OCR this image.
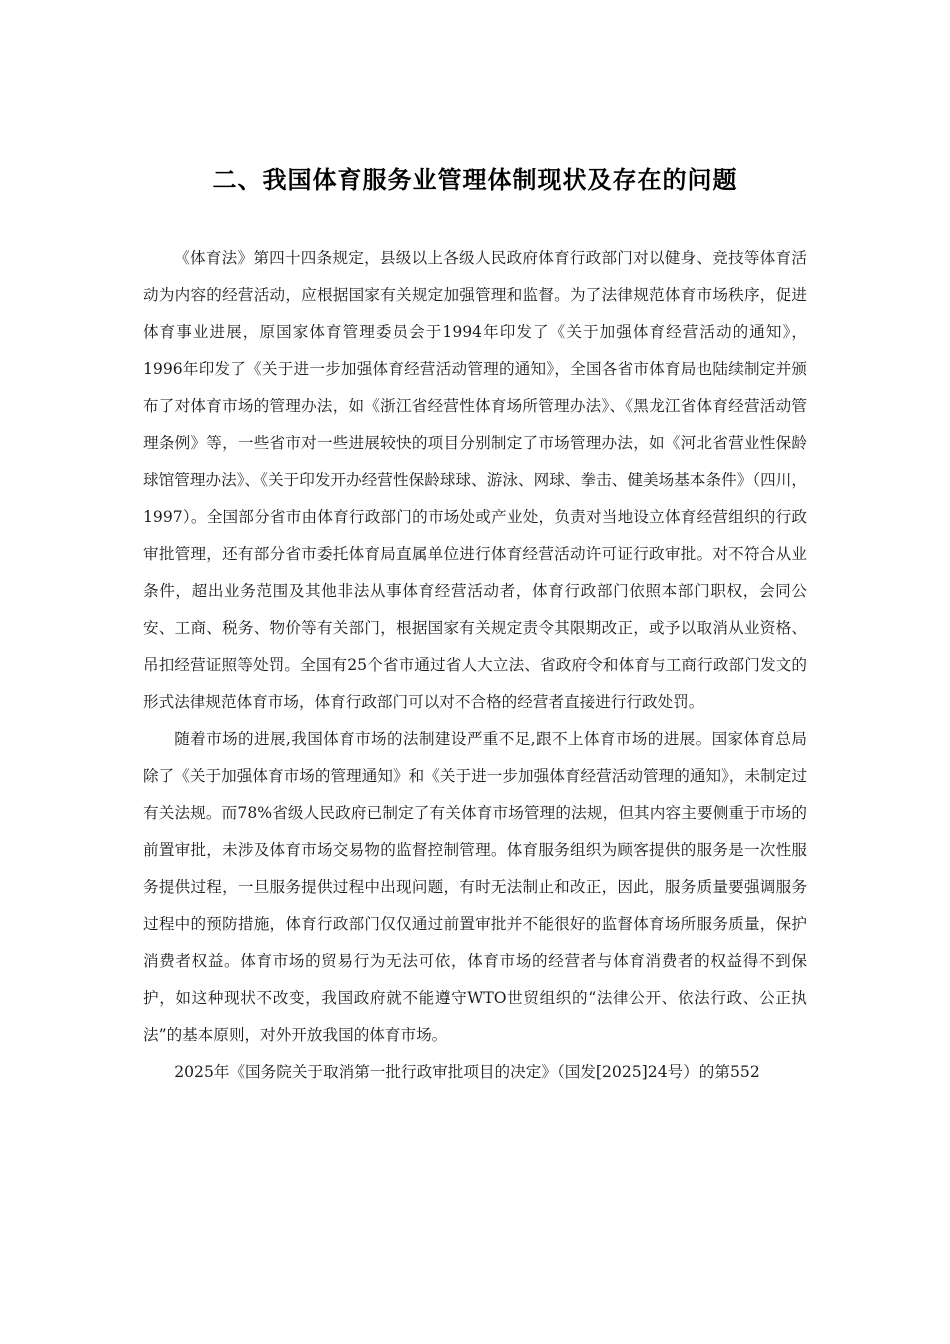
二、我国体育服务业管理体制现状及存在的问题

《体育法》第四十四条规定，县级以上各级人民政府体育行政部门对以健身、竞技等体育活动为内容的经营活动，应根据国家有关规定加强管理和监督。为了法律规范体育市场秩序，促进体育事业进展，原国家体育管理委员会于1994年印发了《关于加强体育经营活动的通知》，1996年印发了《关于进一步加强体育经营活动管理的通知》，全国各省市体育局也陆续制定并颁布了对体育市场的管理办法，如《浙江省经营性体育场所管理办法》、《黑龙江省体育经营活动管理条例》等，一些省市对一些进展较快的项目分别制定了市场管理办法，如《河北省营业性保龄球馆管理办法》、《关于印发开办经营性保龄球球、游泳、网球、拳击、健美场基本条件》（四川，1997）。全国部分省市由体育行政部门的市场处或产业处，负责对当地设立体育经营组织的行政审批管理，还有部分省市委托体育局直属单位进行体育经营活动许可证行政审批。对不符合从业条件，超出业务范围及其他非法从事体育经营活动者，体育行政部门依照本部门职权，会同公安、工商、税务、物价等有关部门，根据国家有关规定责令其限期改正，或予以取消从业资格、吊扣经营证照等处罚。全国有25个省市通过省人大立法、省政府令和体育与工商行政部门发文的形式法律规范体育市场，体育行政部门可以对不合格的经营者直接进行行政处罚。

随着市场的进展,我国体育市场的法制建设严重不足,跟不上体育市场的进展。国家体育总局除了《关于加强体育市场的管理通知》和《关于进一步加强体育经营活动管理的通知》，未制定过有关法规。而78%省级人民政府已制定了有关体育市场管理的法规，但其内容主要侧重于市场的前置审批，未涉及体育市场交易物的监督控制管理。体育服务组织为顾客提供的服务是一次性服务提供过程，一旦服务提供过程中出现问题，有时无法制止和改正，因此，服务质量要强调服务过程中的预防措施，体育行政部门仅仅通过前置审批并不能很好的监督体育场所服务质量，保护消费者权益。体育市场的贸易行为无法可依，体育市场的经营者与体育消费者的权益得不到保护，如这种现状不改变，我国政府就不能遵守WTO世贸组织的“法律公开、依法行政、公正执法”的基本原则，对外开放我国的体育市场。

2025年《国务院关于取消第一批行政审批项目的决定》（国发[2025]24号）的第552
